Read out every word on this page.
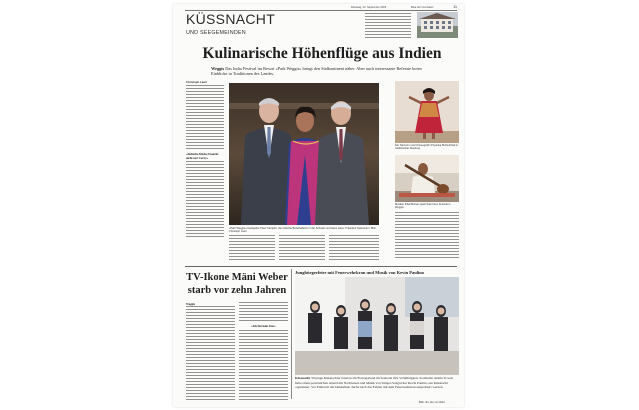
Dienstag, 22. September 2015	Bote der Urschweiz	11
KÜSSNACHT
UND SEEGEMEINDEN
Kulinarische Höhenflüge aus Indien
Weggis Das India Festival im Resort «Park Weggis» bringt den Südkontinent näher. Aber auch interessante Referate boten Einblicke in Traditionen des Landes.
Christoph Lauri
«Indische Küche braucht nicht nur Curry»
«Park Weggis»-Gastgeber Peter Kämpfer, die indische Botschafterin in der Schweiz und Hans Hess, Präsident Swissmem. Bild: Christoph Lauri
Die Tänzerin und Choreografin Priyanka Brahmbhatt in traditioneller Kleidung.
Musiker Ikbal Mohan spielt Sitar beim Festival in Weggis.
TV-Ikone Mäni Weber
starb vor zehn Jahren
Weggis
«Ich bin kein Star»
Jungbürgerfeier mit Feuerwehrkran und Musik von Kevin Paulino
Küssnacht 30 junge Küssnachter feierten am Freitagabend im Seehotel ihre Volljährigkeit. Statthalter Armin Trosch hatte einen persönlichen Abend mit Nachtessen und Musik von Sänger-Songwriter Kevin Paulino aus Küssnacht organisiert. Vor Einbruch der Dunkelheit durfte nach das Fahren mit dem Feuerwehrkran ausprobiert werden.
Bild: Urs Jan von Rohr
